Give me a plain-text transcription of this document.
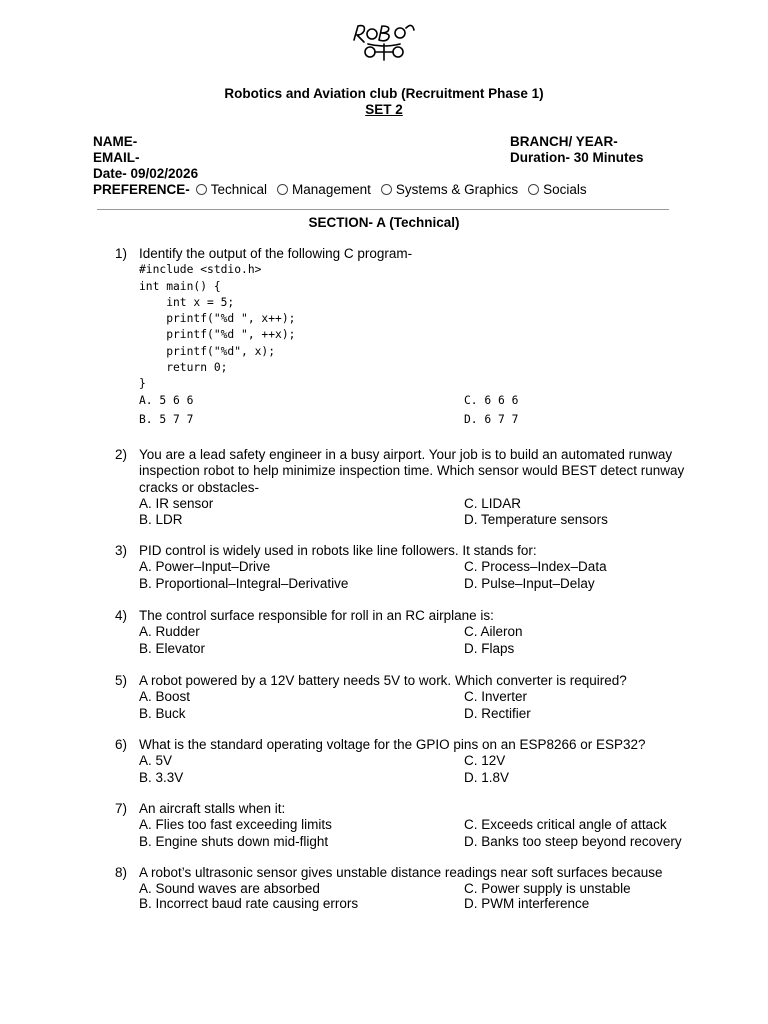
Robotics and Aviation club (Recruitment Phase 1)
SET 2
NAME-
EMAIL-
Date- 09/02/2026
BRANCH/ YEAR-
Duration- 30 Minutes
PREFERENCE- Technical Management Systems & Graphics Socials
SECTION- A (Technical)
1) Identify the output of the following C program-
#include <stdio.h>
int main() {
int x = 5;
printf("%d ", x++);
printf("%d ", ++x);
printf("%d", x);
return 0;
}
A. 5 6 6	C. 6 6 6
B. 5 7 7	D. 6 7 7
2) You are a lead safety engineer in a busy airport. Your job is to build an automated runway inspection robot to help minimize inspection time. Which sensor would BEST detect runway cracks or obstacles-
A. IR sensor	C. LIDAR
B. LDR	D. Temperature sensors
3) PID control is widely used in robots like line followers. It stands for:
A. Power–Input–Drive	C. Process–Index–Data
B. Proportional–Integral–Derivative	D. Pulse–Input–Delay
4) The control surface responsible for roll in an RC airplane is:
A. Rudder	C. Aileron
B. Elevator	D. Flaps
5) A robot powered by a 12V battery needs 5V to work. Which converter is required?
A. Boost	C. Inverter
B. Buck	D. Rectifier
6) What is the standard operating voltage for the GPIO pins on an ESP8266 or ESP32?
A. 5V	C. 12V
B. 3.3V	D. 1.8V
7) An aircraft stalls when it:
A. Flies too fast exceeding limits	C. Exceeds critical angle of attack
B. Engine shuts down mid-flight	D. Banks too steep beyond recovery
8) A robot’s ultrasonic sensor gives unstable distance readings near soft surfaces because
A. Sound waves are absorbed	C. Power supply is unstable
B. Incorrect baud rate causing errors	D. PWM interference
